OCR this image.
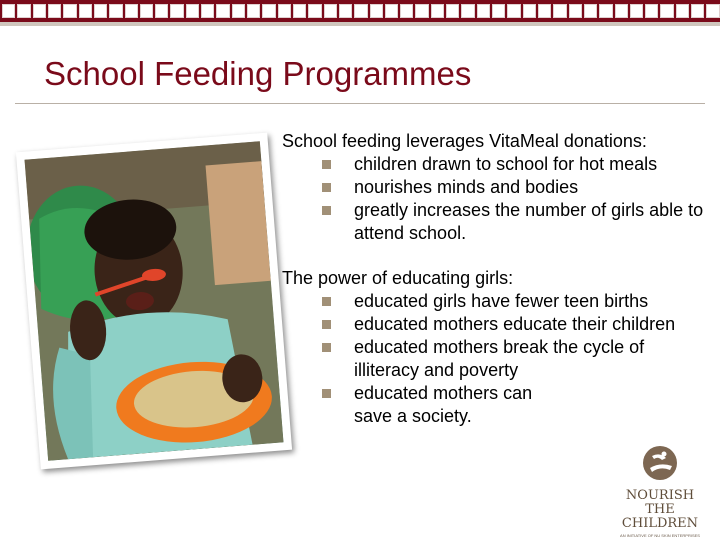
School Feeding Programmes

School feeding leverages VitaMeal donations:

children drawn to school for hot meals
nourishes minds and bodies
greatly increases the number of girls able to attend school.

The power of educating girls:

educated girls have fewer teen births
educated mothers educate their children
educated mothers break the cycle of illiteracy and poverty
educated mothers can save a society.
NOURISH
THE CHILDREN
AN INITIATIVE OF NU SKIN ENTERPRISES
